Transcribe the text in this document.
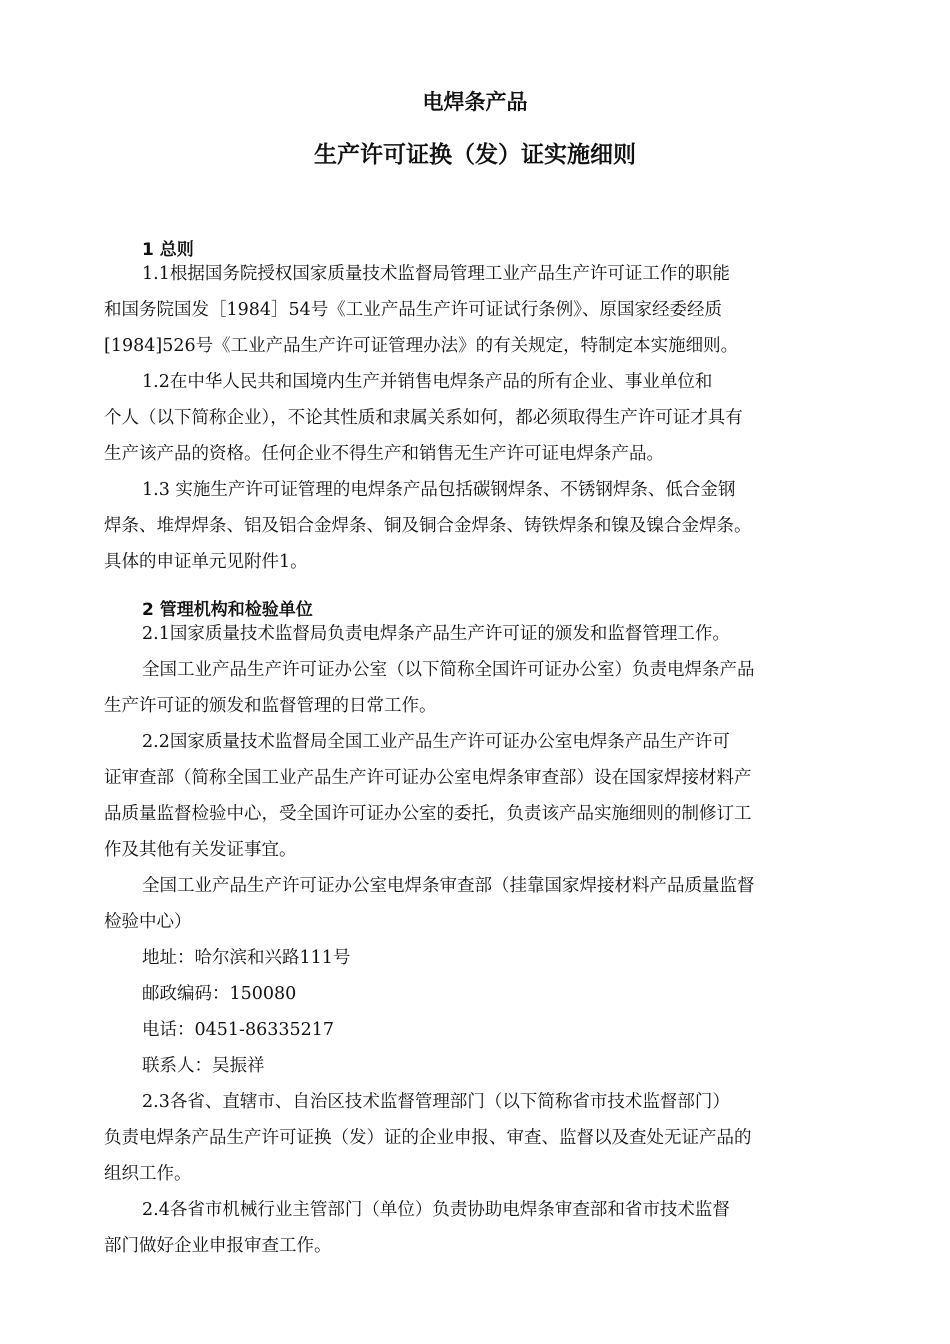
电焊条产品
生产许可证换（发）证实施细则

1 总则

1.1根据国务院授权国家质量技术监督局管理工业产品生产许可证工作的职能

和国务院国发［1984］54号《工业产品生产许可证试行条例》、原国家经委经质

[1984]526号《工业产品生产许可证管理办法》的有关规定，特制定本实施细则。

1.2在中华人民共和国境内生产并销售电焊条产品的所有企业、事业单位和

个人（以下简称企业），不论其性质和隶属关系如何，都必须取得生产许可证才具有

生产该产品的资格。任何企业不得生产和销售无生产许可证电焊条产品。

1.3 实施生产许可证管理的电焊条产品包括碳钢焊条、不锈钢焊条、低合金钢

焊条、堆焊焊条、铝及铝合金焊条、铜及铜合金焊条、铸铁焊条和镍及镍合金焊条。

具体的申证单元见附件1。

2 管理机构和检验单位

2.1国家质量技术监督局负责电焊条产品生产许可证的颁发和监督管理工作。

全国工业产品生产许可证办公室（以下简称全国许可证办公室）负责电焊条产品

生产许可证的颁发和监督管理的日常工作。

2.2国家质量技术监督局全国工业产品生产许可证办公室电焊条产品生产许可

证审查部（简称全国工业产品生产许可证办公室电焊条审查部）设在国家焊接材料产

品质量监督检验中心，受全国许可证办公室的委托，负责该产品实施细则的制修订工

作及其他有关发证事宜。

全国工业产品生产许可证办公室电焊条审查部（挂靠国家焊接材料产品质量监督

检验中心）

地址：哈尔滨和兴路111号

邮政编码：150080

电话：0451-86335217

联系人：吴振祥

2.3各省、直辖市、自治区技术监督管理部门（以下简称省市技术监督部门）

负责电焊条产品生产许可证换（发）证的企业申报、审查、监督以及查处无证产品的

组织工作。

2.4各省市机械行业主管部门（单位）负责协助电焊条审查部和省市技术监督

部门做好企业申报审查工作。
